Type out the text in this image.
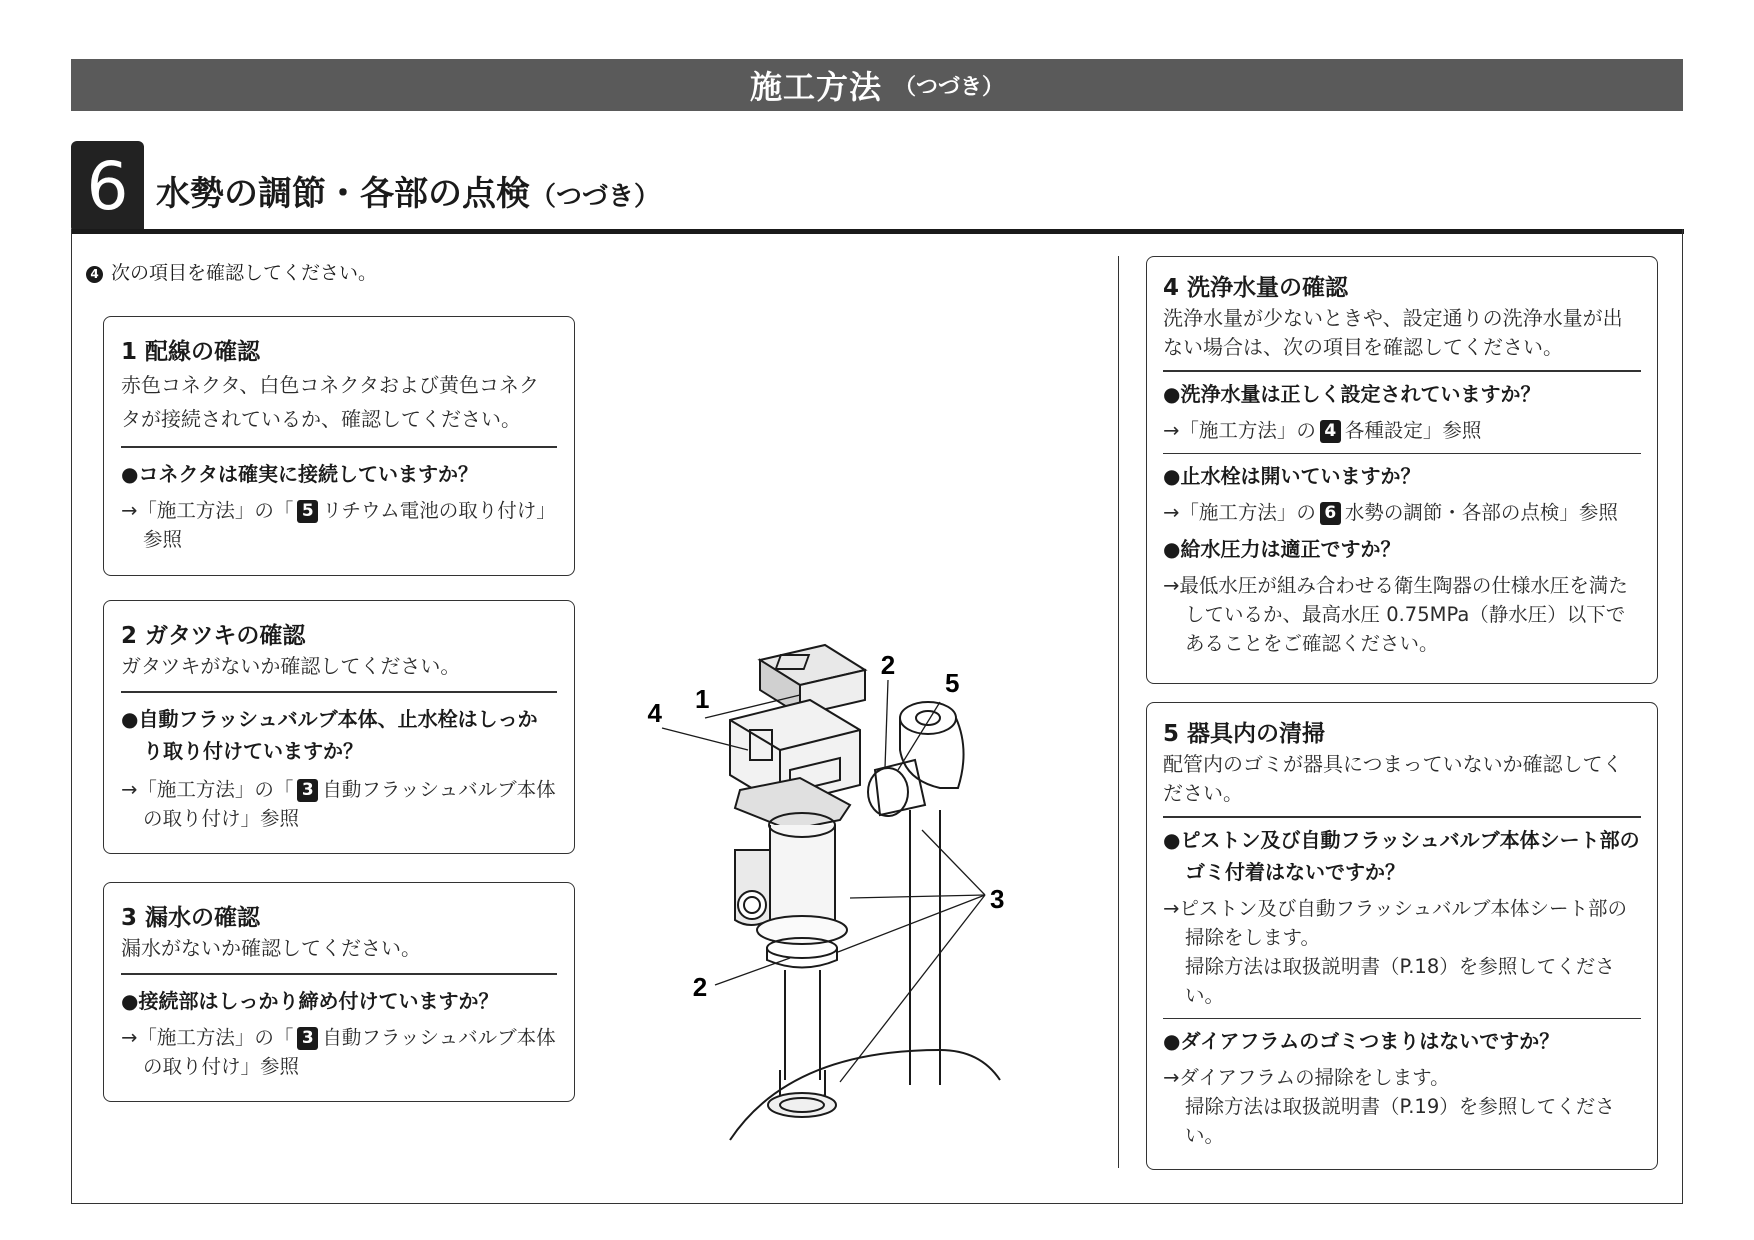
施工方法 （つづき）
6 水勢の調節・各部の点検（つづき）
4 次の項目を確認してください。
1 配線の確認
赤色コネクタ、白色コネクタおよび黄色コネクタが接続されているか、確認してください。
●コネクタは確実に接続していますか？
→「施工方法」の「 5 リチウム電池の取り付け」参照
2 ガタツキの確認
ガタツキがないか確認してください。
●自動フラッシュバルブ本体、止水栓はしっかり取り付けていますか？
→「施工方法」の「 3 自動フラッシュバルブ本体の取り付け」参照
3 漏水の確認
漏水がないか確認してください。
●接続部はしっかり締め付けていますか？
→「施工方法」の「 3 自動フラッシュバルブ本体の取り付け」参照
4 洗浄水量の確認
洗浄水量が少ないときや、設定通りの洗浄水量が出ない場合は、次の項目を確認してください。
●洗浄水量は正しく設定されていますか？
→「施工方法」の 4 各種設定」参照
●止水栓は開いていますか？
→「施工方法」の 6 水勢の調節・各部の点検」参照
●給水圧力は適正ですか？
→最低水圧が組み合わせる衛生陶器の仕様水圧を満たしているか、最高水圧 0.75MPa（静水圧）以下であることをご確認ください。
5 器具内の清掃
配管内のゴミが器具につまっていないか確認してください。
●ピストン及び自動フラッシュバルブ本体シート部のゴミ付着はないですか？
→ピストン及び自動フラッシュバルブ本体シート部の掃除をします。
掃除方法は取扱説明書（P.18）を参照してください。
●ダイアフラムのゴミつまりはないですか？
→ダイアフラムの掃除をします。
掃除方法は取扱説明書（P.19）を参照してください。
1
4
2
5
3
2
